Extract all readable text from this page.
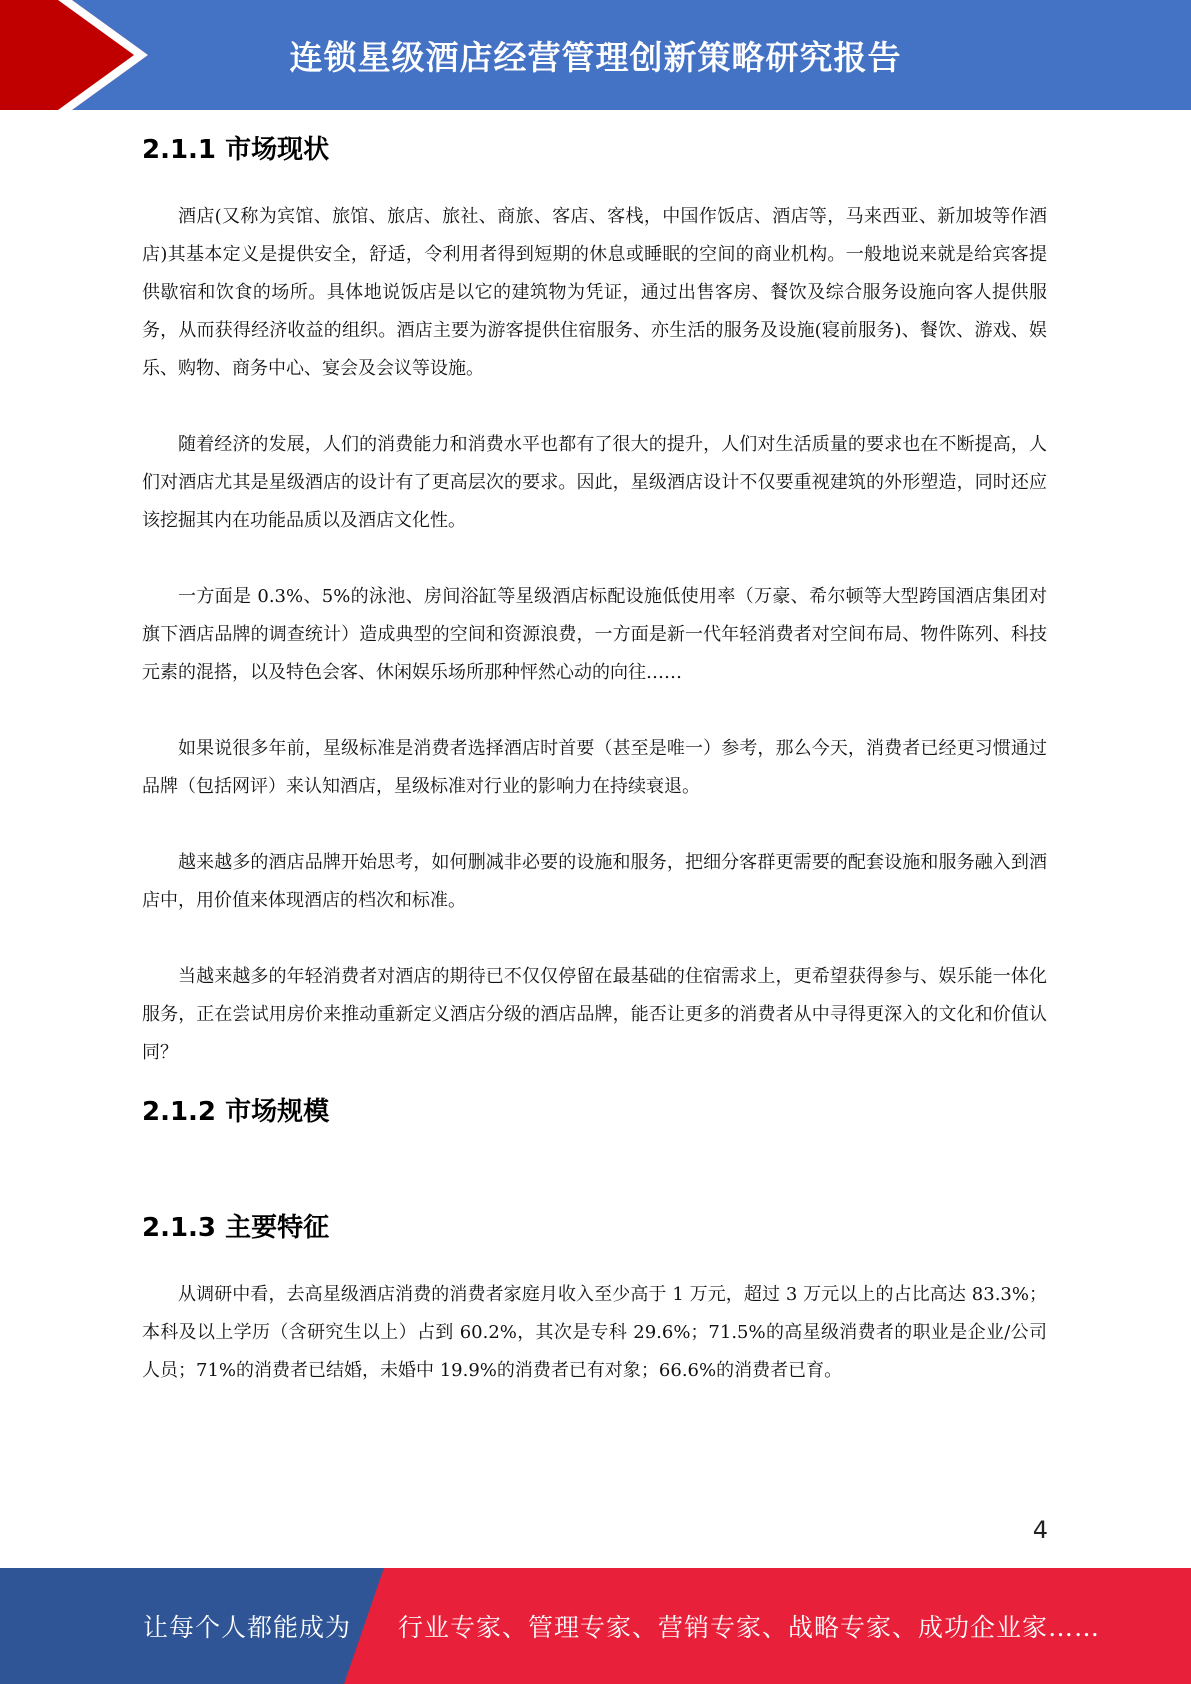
连锁星级酒店经营管理创新策略研究报告
2.1.1 市场现状

酒店(又称为宾馆、旅馆、旅店、旅社、商旅、客店、客栈，中国作饭店、酒店等，马来西亚、新加坡等作酒店)其基本定义是提供安全，舒适，令利用者得到短期的休息或睡眠的空间的商业机构。一般地说来就是给宾客提供歇宿和饮食的场所。具体地说饭店是以它的建筑物为凭证，通过出售客房、餐饮及综合服务设施向客人提供服务，从而获得经济收益的组织。酒店主要为游客提供住宿服务、亦生活的服务及设施(寝前服务)、餐饮、游戏、娱乐、购物、商务中心、宴会及会议等设施。

随着经济的发展，人们的消费能力和消费水平也都有了很大的提升，人们对生活质量的要求也在不断提高，人们对酒店尤其是星级酒店的设计有了更高层次的要求。因此，星级酒店设计不仅要重视建筑的外形塑造，同时还应该挖掘其内在功能品质以及酒店文化性。

一方面是 0.3%、5%的泳池、房间浴缸等星级酒店标配设施低使用率（万豪、希尔顿等大型跨国酒店集团对旗下酒店品牌的调查统计）造成典型的空间和资源浪费，一方面是新一代年轻消费者对空间布局、物件陈列、科技元素的混搭，以及特色会客、休闲娱乐场所那种怦然心动的向往……

如果说很多年前，星级标准是消费者选择酒店时首要（甚至是唯一）参考，那么今天，消费者已经更习惯通过品牌（包括网评）来认知酒店，星级标准对行业的影响力在持续衰退。

越来越多的酒店品牌开始思考，如何删减非必要的设施和服务，把细分客群更需要的配套设施和服务融入到酒店中，用价值来体现酒店的档次和标准。

当越来越多的年轻消费者对酒店的期待已不仅仅停留在最基础的住宿需求上，更希望获得参与、娱乐能一体化服务，正在尝试用房价来推动重新定义酒店分级的酒店品牌，能否让更多的消费者从中寻得更深入的文化和价值认同？

2.1.2 市场规模
2.1.3 主要特征

从调研中看，去高星级酒店消费的消费者家庭月收入至少高于 1 万元，超过 3 万元以上的占比高达 83.3%；本科及以上学历（含研究生以上）占到 60.2%，其次是专科 29.6%；71.5%的高星级消费者的职业是企业/公司人员；71%的消费者已结婚，未婚中 19.9%的消费者已有对象；66.6%的消费者已育。

4
让每个人都能成为 行业专家、管理专家、营销专家、战略专家、成功企业家……
